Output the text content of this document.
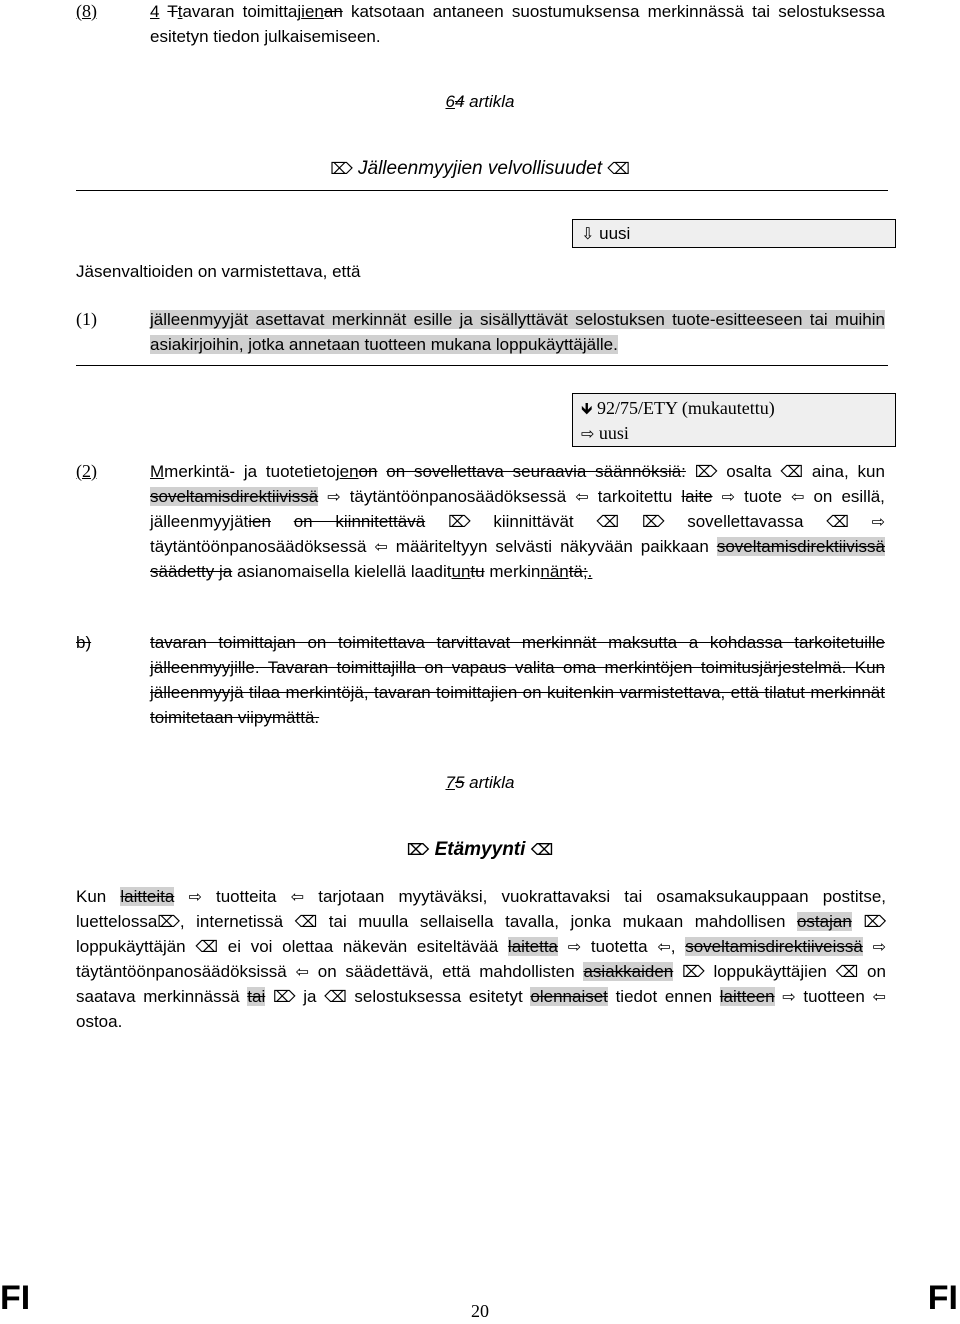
(8)	4 Ttavaran toimittajienan katsotaan antaneen suostumuksensa merkinnässä tai selostuksessa esitetyn tiedon julkaisemiseen.
64 artikla
⌦ Jälleenmyyjien velvollisuudet ⌫
⇩ uusi
Jäsenvaltioiden on varmistettava, että
(1)	jälleenmyyjät asettavat merkinnät esille ja sisällyttävät selostuksen tuote-esitteeseen tai muihin asiakirjoihin, jotka annetaan tuotteen mukana loppukäyttäjälle.
🡻 92/75/ETY (mukautettu)
⇨ uusi
(2)	Mmerkintä- ja tuotetietojenon on sovellettava seuraavia säännöksiä: ⌦ osalta ⌫ aina, kun soveltamisdirektiivissä ⇨ täytäntöönpanosäädöksessä ⇦ tarkoitettu laite ⇨ tuote ⇦ on esillä, jälleenmyyjätien on kiinnitettävä ⌦ kiinnittävät ⌫ ⌦ sovellettavassa ⌫ ⇨ täytäntöönpanosäädöksessä ⇦ määriteltyyn selvästi näkyvään paikkaan soveltamisdirektiivissä säädetty ja asianomaisella kielellä laadituntu merkinnäntä;.
b)	tavaran toimittajan on toimitettava tarvittavat merkinnät maksutta a kohdassa tarkoitetuille jälleenmyyjille. Tavaran toimittajilla on vapaus valita oma merkintöjen toimitusjärjestelmä. Kun jälleenmyyjä tilaa merkintöjä, tavaran toimittajien on kuitenkin varmistettava, että tilatut merkinnät toimitetaan viipymättä.
75 artikla
⌦ Etämyynti ⌫
Kun laitteita ⇨ tuotteita ⇦ tarjotaan myytäväksi, vuokrattavaksi tai osamaksukauppaan postitse, luettelossa⌦, internetissä ⌫ tai muulla sellaisella tavalla, jonka mukaan mahdollisen ostajan ⌦ loppukäyttäjän ⌫ ei voi olettaa näkevän esiteltävää laitetta ⇨ tuotetta ⇦, soveltamisdirektiiveissä ⇨ täytäntöönpanosäädöksissä ⇦ on säädettävä, että mahdollisten asiakkaiden ⌦ loppukäyttäjien ⌫ on saatava merkinnässä tai ⌦ ja ⌫ selostuksessa esitetyt olennaiset tiedot ennen laitteen ⇨ tuotteen ⇦ ostoa.
FI	20	FI
